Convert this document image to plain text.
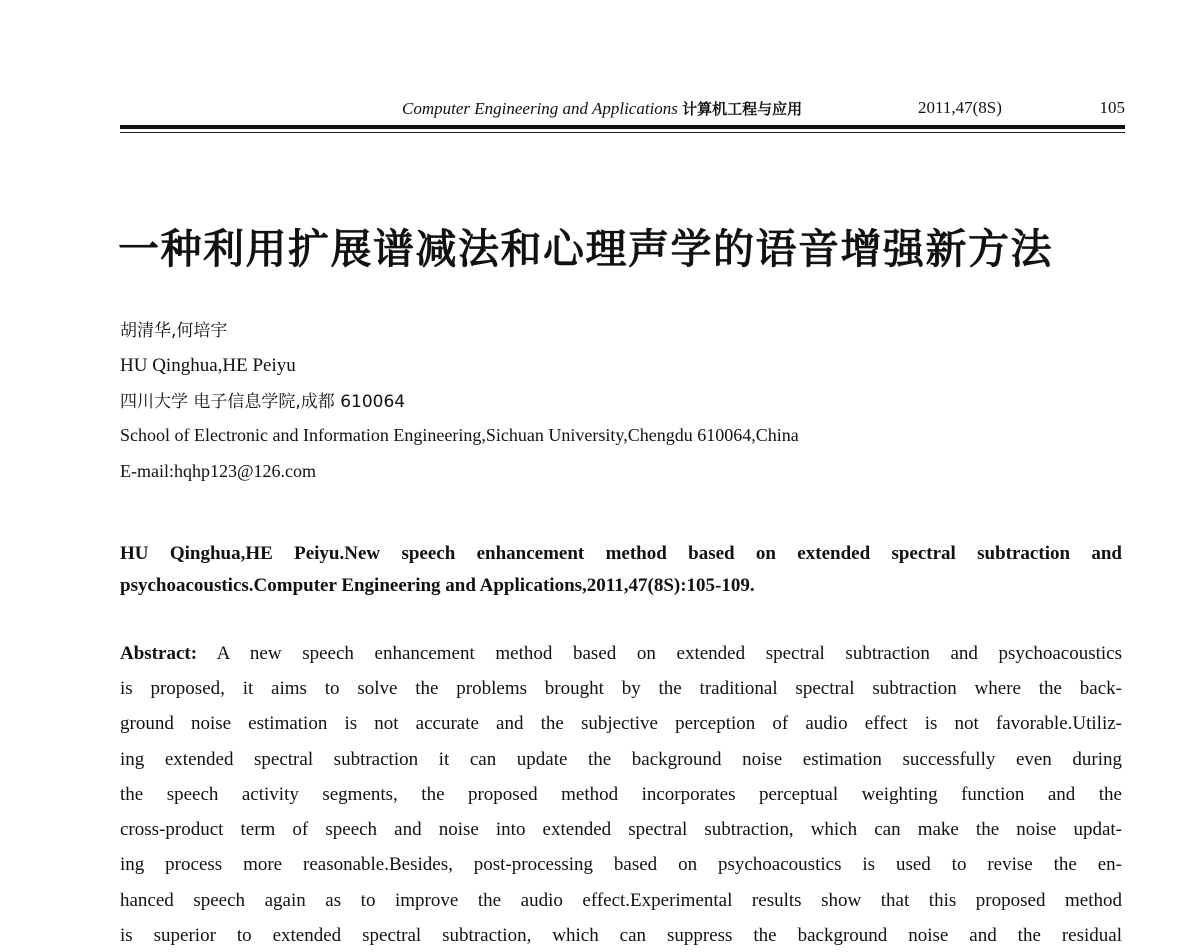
Computer Engineering and Applications 计算机工程与应用	2011,47(8S)	105
一种利用扩展谱减法和心理声学的语音增强新方法
胡清华,何培宇
HU Qinghua,HE Peiyu
四川大学 电子信息学院,成都 610064
School of Electronic and Information Engineering,Sichuan University,Chengdu 610064,China
E-mail:hqhp123@126.com
HU Qinghua,HE Peiyu.New speech enhancement method based on extended spectral subtraction and
psychoacoustics.Computer Engineering and Applications,2011,47(8S):105-109.
Abstract: A new speech enhancement method based on extended spectral subtraction and psychoacoustics
is proposed, it aims to solve the problems brought by the traditional spectral subtraction where the back-
ground noise estimation is not accurate and the subjective perception of audio effect is not favorable.Utiliz-
ing extended spectral subtraction it can update the background noise estimation successfully even during
the speech activity segments, the proposed method incorporates perceptual weighting function and the
cross-product term of speech and noise into extended spectral subtraction, which can make the noise updat-
ing process more reasonable.Besides, post-processing based on psychoacoustics is used to revise the en-
hanced speech again as to improve the audio effect.Experimental results show that this proposed method
is superior to extended spectral subtraction, which can suppress the background noise and the residual
